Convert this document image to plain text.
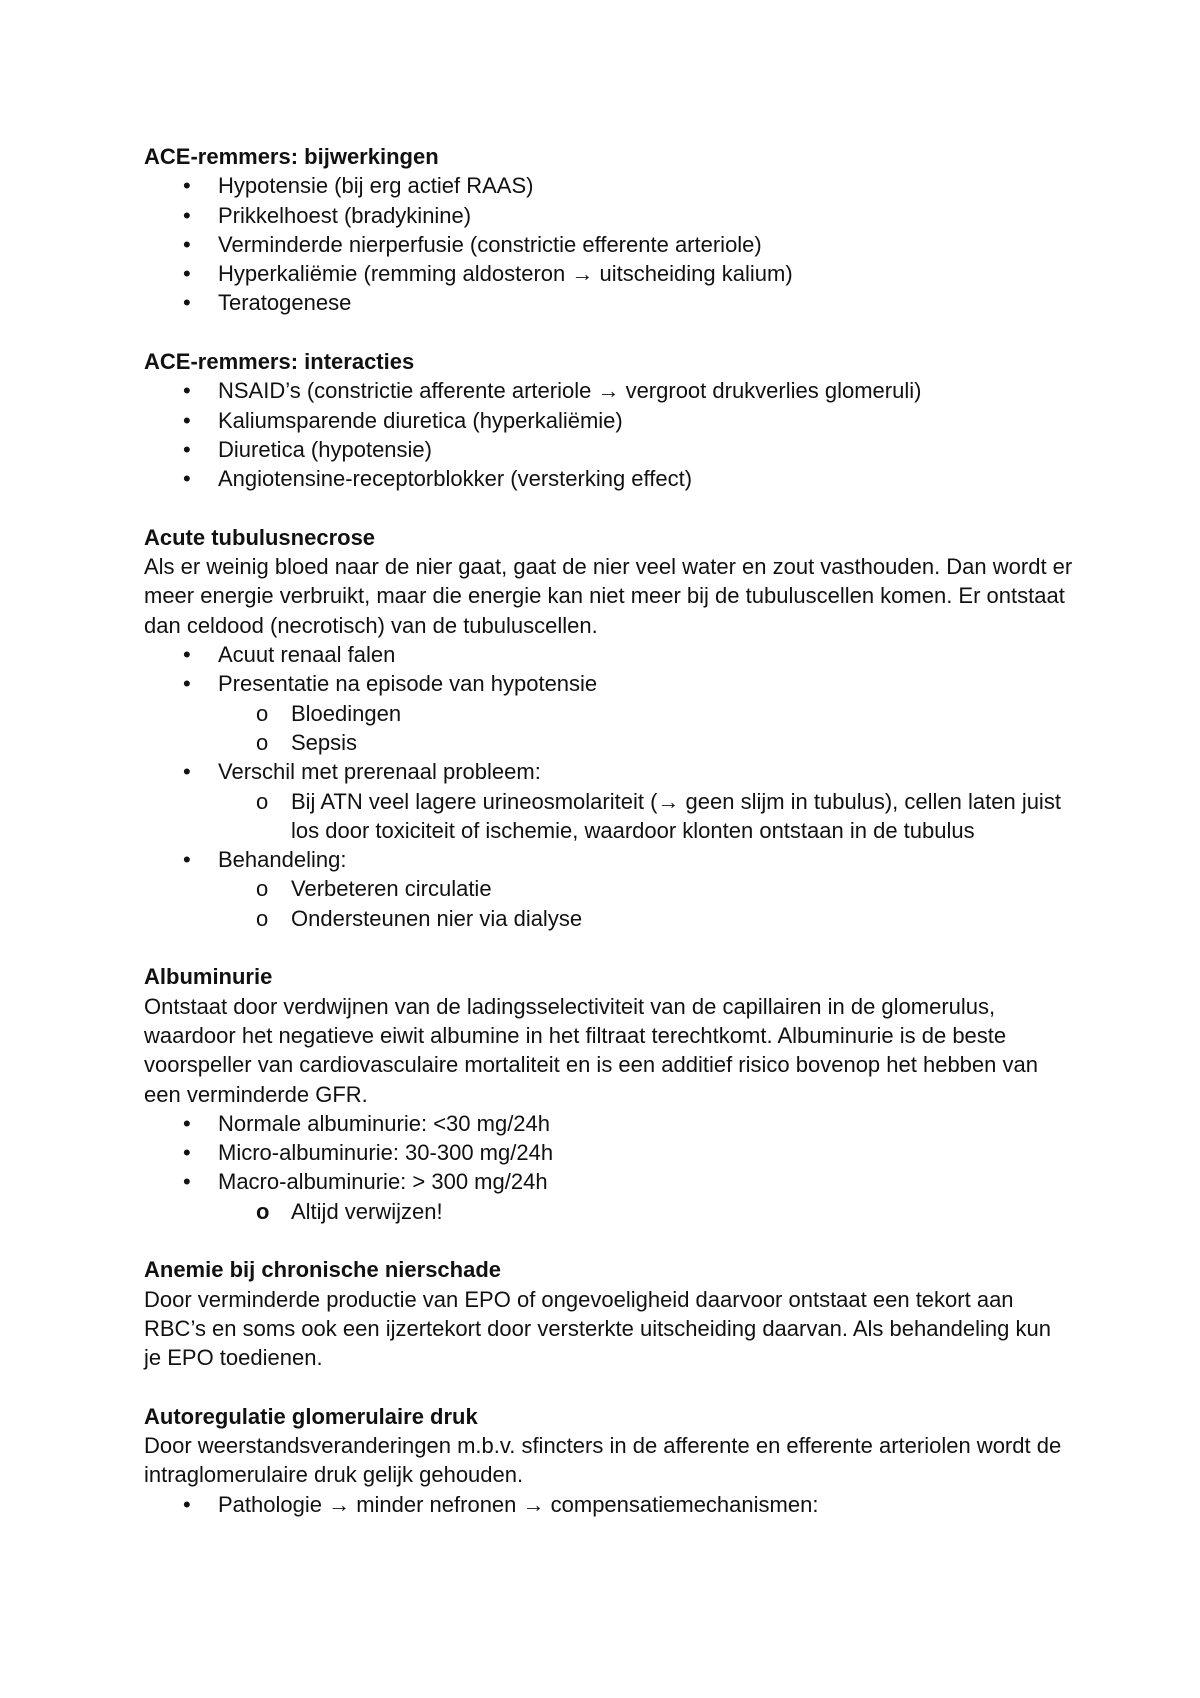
ACE-remmers: bijwerkingen
• Hypotensie (bij erg actief RAAS)
• Prikkelhoest (bradykinine)
• Verminderde nierperfusie (constrictie efferente arteriole)
• Hyperkaliëmie (remming aldosteron → uitscheiding kalium)
• Teratogenese
ACE-remmers: interacties
• NSAID’s (constrictie afferente arteriole → vergroot drukverlies glomeruli)
• Kaliumsparende diuretica (hyperkaliëmie)
• Diuretica (hypotensie)
• Angiotensine-receptorblokker (versterking effect)
Acute tubulusnecrose

Als er weinig bloed naar de nier gaat, gaat de nier veel water en zout vasthouden. Dan wordt er meer energie verbruikt, maar die energie kan niet meer bij de tubuluscellen komen. Er ontstaat dan celdood (necrotisch) van de tubuluscellen.

• Acuut renaal falen
• Presentatie na episode van hypotensie
o Bloedingen
o Sepsis
• Verschil met prerenaal probleem:
o Bij ATN veel lagere urineosmolariteit (→ geen slijm in tubulus), cellen laten juist los door toxiciteit of ischemie, waardoor klonten ontstaan in de tubulus
• Behandeling:
o Verbeteren circulatie
o Ondersteunen nier via dialyse
Albuminurie

Ontstaat door verdwijnen van de ladingsselectiviteit van de capillairen in de glomerulus, waardoor het negatieve eiwit albumine in het filtraat terechtkomt. Albuminurie is de beste voorspeller van cardiovasculaire mortaliteit en is een additief risico bovenop het hebben van een verminderde GFR.

• Normale albuminurie: <30 mg/24h
• Micro-albuminurie: 30-300 mg/24h
• Macro-albuminurie: > 300 mg/24h
o Altijd verwijzen!
Anemie bij chronische nierschade

Door verminderde productie van EPO of ongevoeligheid daarvoor ontstaat een tekort aan RBC’s en soms ook een ijzertekort door versterkte uitscheiding daarvan. Als behandeling kun je EPO toedienen.

Autoregulatie glomerulaire druk

Door weerstandsveranderingen m.b.v. sfincters in de afferente en efferente arteriolen wordt de intraglomerulaire druk gelijk gehouden.

• Pathologie → minder nefronen → compensatiemechanismen:
